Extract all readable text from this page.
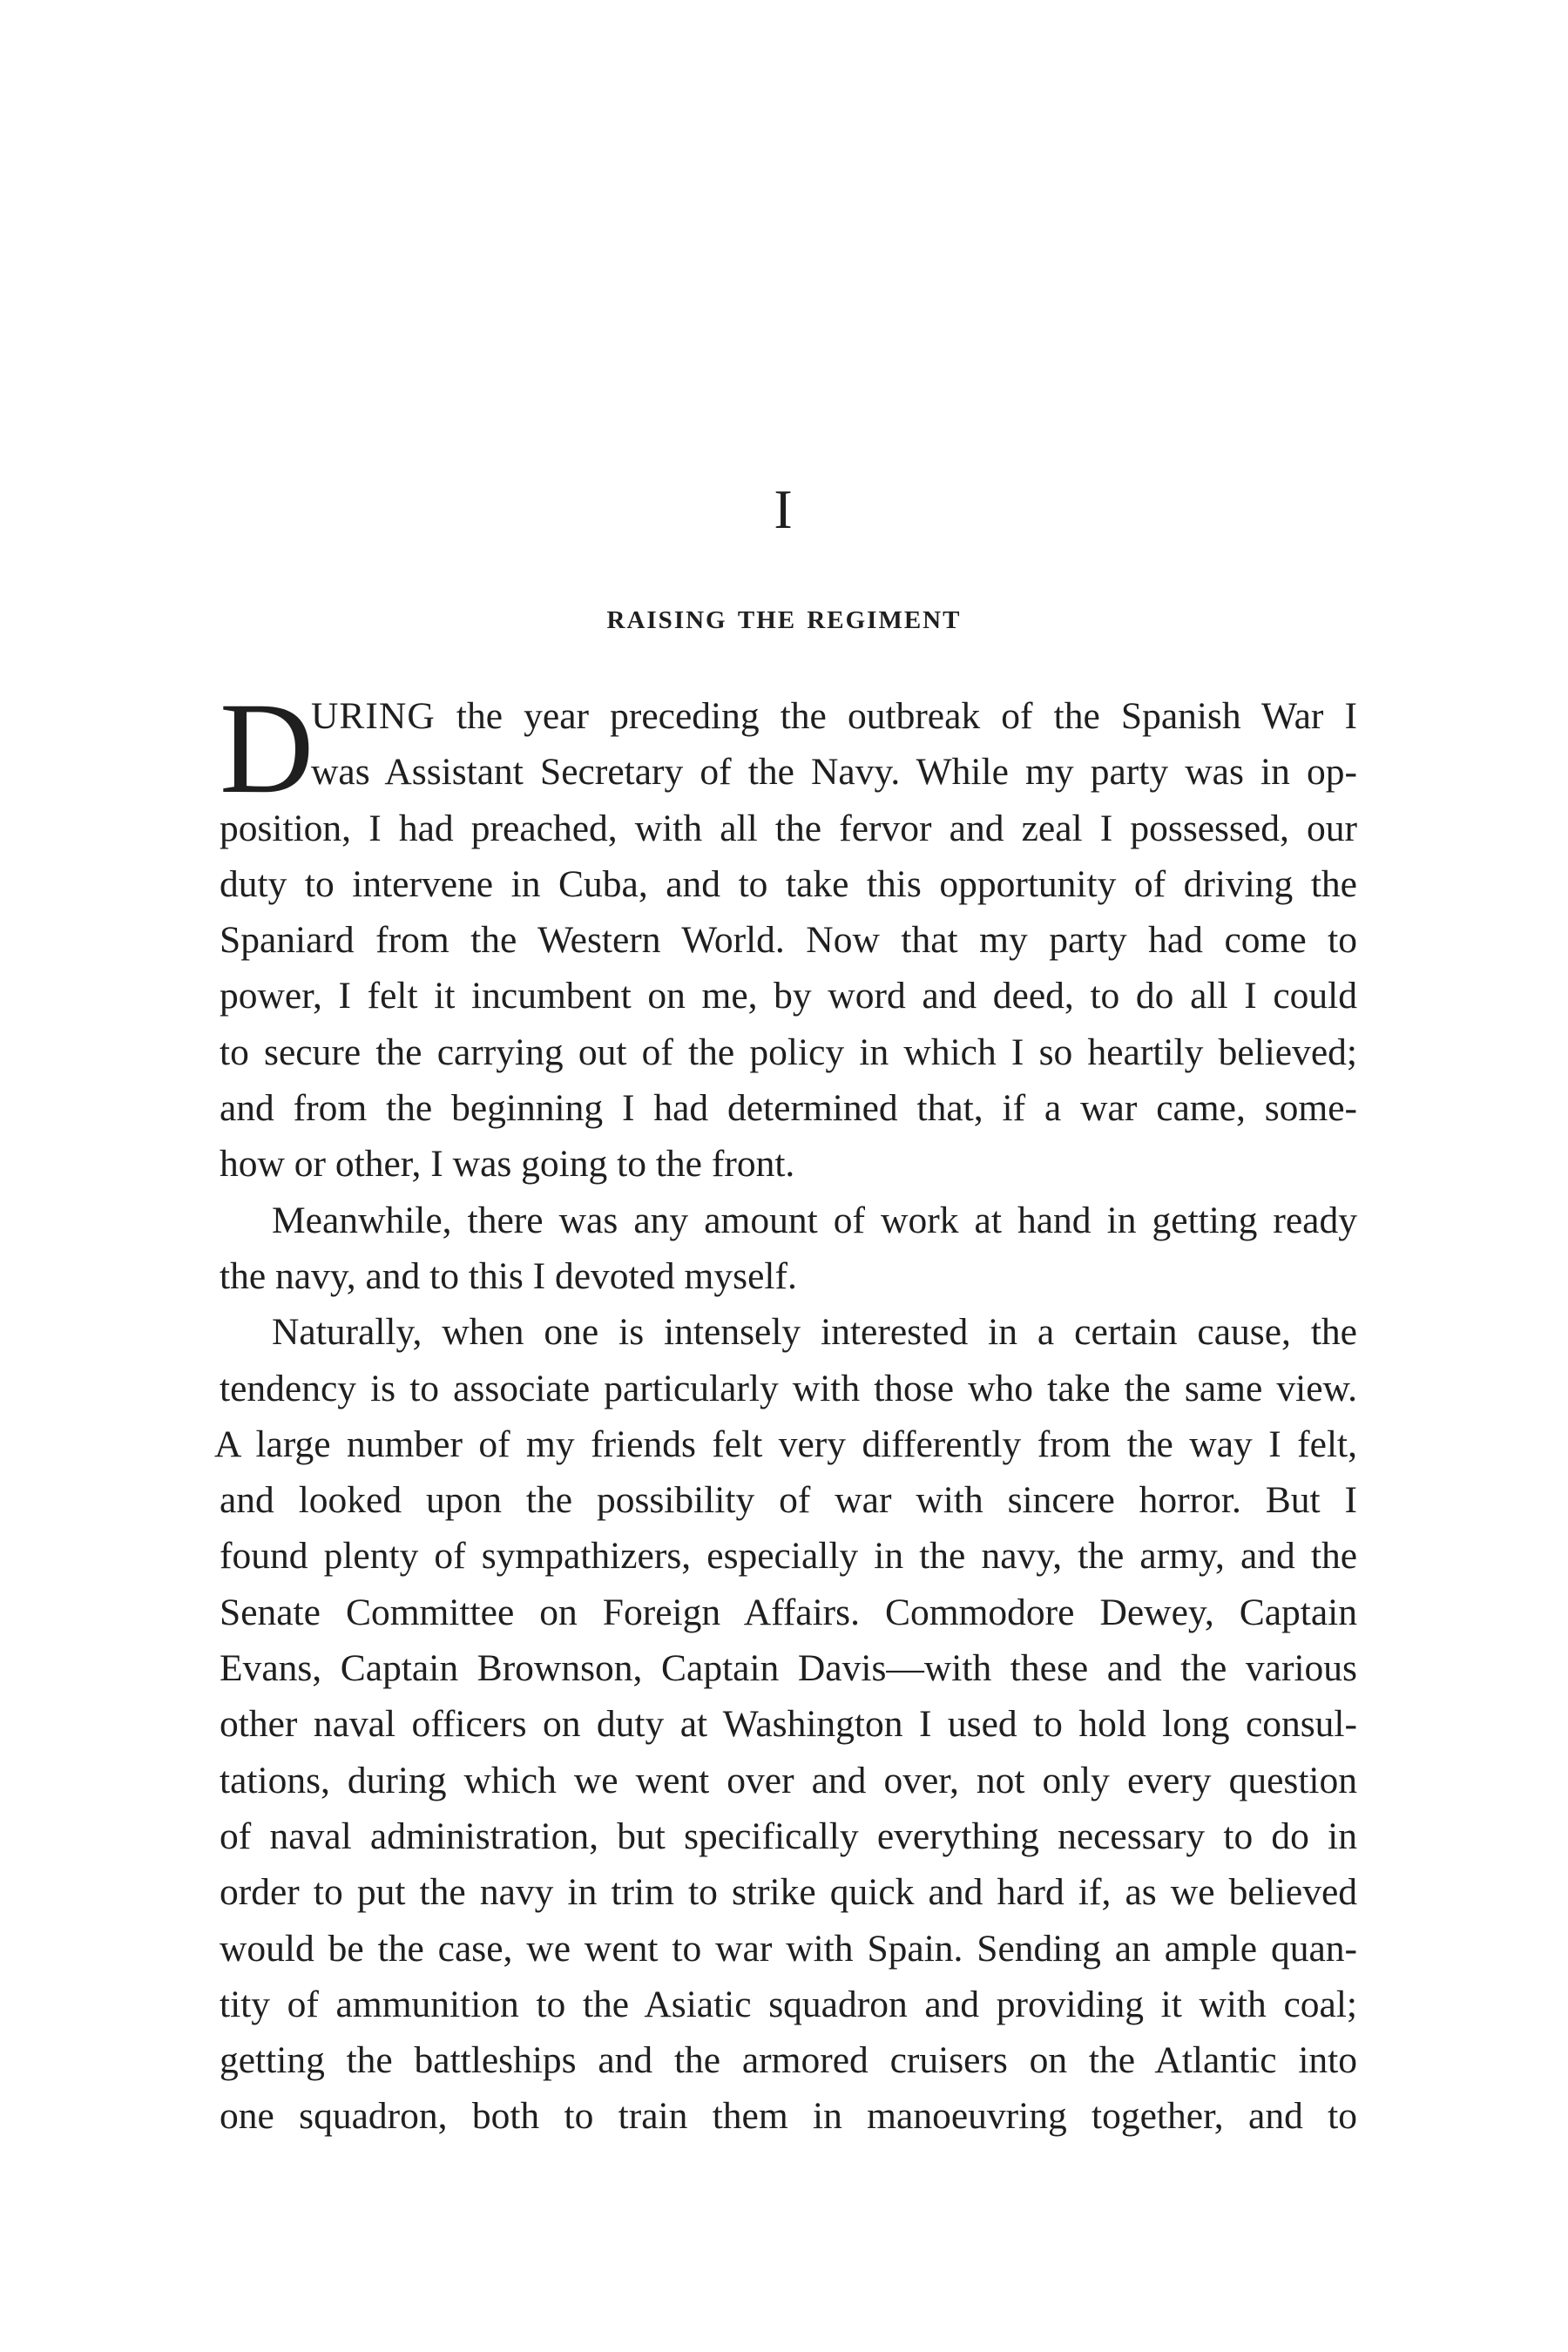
I
raising the regiment
D
URING the year preceding the outbreak of the Spanish War I
was Assistant Secretary of the Navy. While my party was in op-
position, I had preached, with all the fervor and zeal I possessed, our
duty to intervene in Cuba, and to take this opportunity of driving the
Spaniard from the Western World. Now that my party had come to
power, I felt it incumbent on me, by word and deed, to do all I could
to secure the carrying out of the policy in which I so heartily believed;
and from the beginning I had determined that, if a war came, some-
how or other, I was going to the front.
Meanwhile, there was any amount of work at hand in getting ready
the navy, and to this I devoted myself.
Naturally, when one is intensely interested in a certain cause, the
tendency is to associate particularly with those who take the same view.
A large number of my friends felt very differently from the way I felt,
and looked upon the possibility of war with sincere horror. But I
found plenty of sympathizers, especially in the navy, the army, and the
Senate Committee on Foreign Affairs. Commodore Dewey, Captain
Evans, Captain Brownson, Captain Davis—with these and the various
other naval officers on duty at Washington I used to hold long consul-
tations, during which we went over and over, not only every question
of naval administration, but specifically everything necessary to do in
order to put the navy in trim to strike quick and hard if, as we believed
would be the case, we went to war with Spain. Sending an ample quan-
tity of ammunition to the Asiatic squadron and providing it with coal;
getting the battleships and the armored cruisers on the Atlantic into
one squadron, both to train them in manoeuvring together, and to
